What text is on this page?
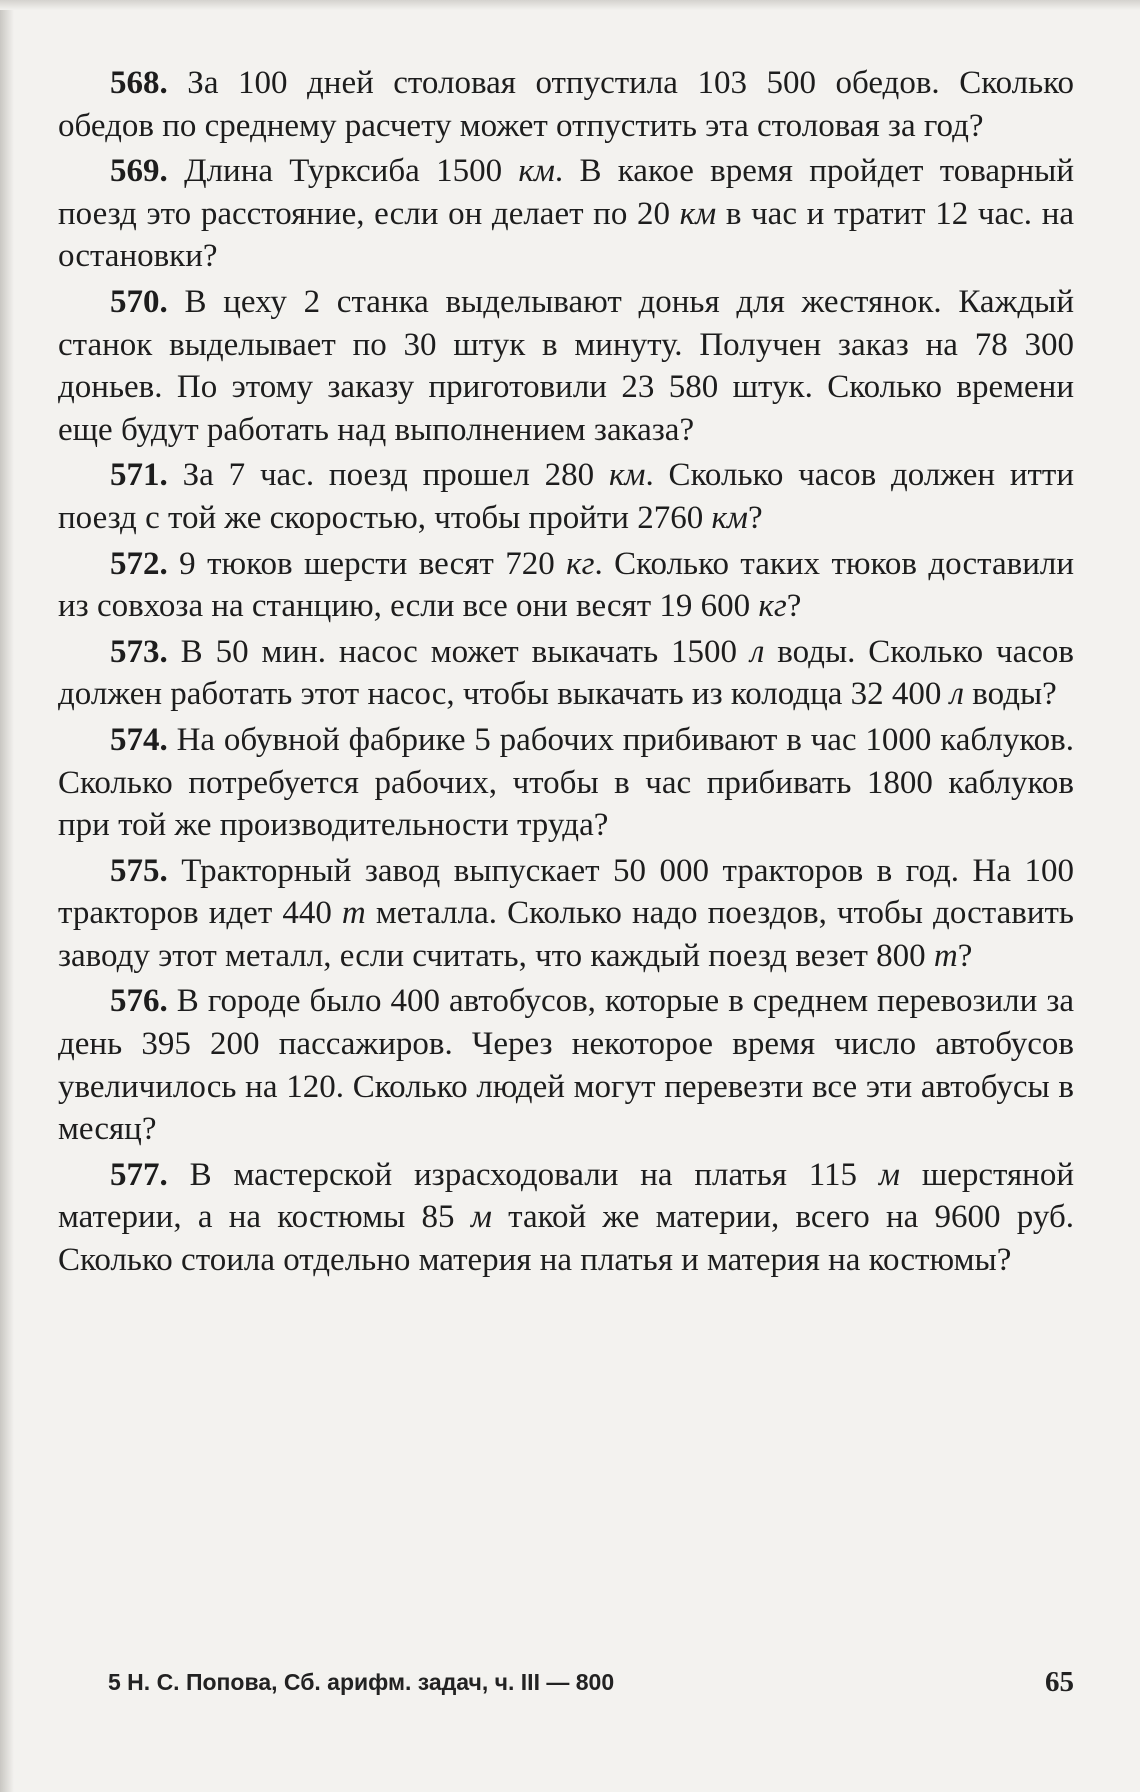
568. За 100 дней столовая отпустила 103 500 обедов. Сколько обедов по среднему расчету может отпустить эта столовая за год?

569. Длина Турксиба 1500 км. В какое время пройдет товарный поезд это расстояние, если он делает по 20 км в час и тратит 12 час. на остановки?

570. В цеху 2 станка выделывают донья для жестянок. Каждый станок выделывает по 30 штук в минуту. Получен заказ на 78 300 доньев. По этому заказу приготовили 23 580 штук. Сколько времени еще будут работать над выполнением заказа?

571. За 7 час. поезд прошел 280 км. Сколько часов должен итти поезд с той же скоростью, чтобы пройти 2760 км?

572. 9 тюков шерсти весят 720 кг. Сколько таких тюков доставили из совхоза на станцию, если все они весят 19 600 кг?

573. В 50 мин. насос может выкачать 1500 л воды. Сколько часов должен работать этот насос, чтобы выкачать из колодца 32 400 л воды?

574. На обувной фабрике 5 рабочих прибивают в час 1000 каблуков. Сколько потребуется рабочих, чтобы в час прибивать 1800 каблуков при той же производительности труда?

575. Тракторный завод выпускает 50 000 тракторов в год. На 100 тракторов идет 440 т металла. Сколько надо поездов, чтобы доставить заводу этот металл, если считать, что каждый поезд везет 800 т?

576. В городе было 400 автобусов, которые в среднем перевозили за день 395 200 пассажиров. Через некоторое время число автобусов увеличилось на 120. Сколько людей могут перевезти все эти автобусы в месяц?

577. В мастерской израсходовали на платья 115 м шерстяной материи, а на костюмы 85 м такой же материи, всего на 9600 руб. Сколько стоила отдельно материя на платья и материя на костюмы?

5 Н. С. Попова, Сб. арифм. задач, ч. III — 800	65
